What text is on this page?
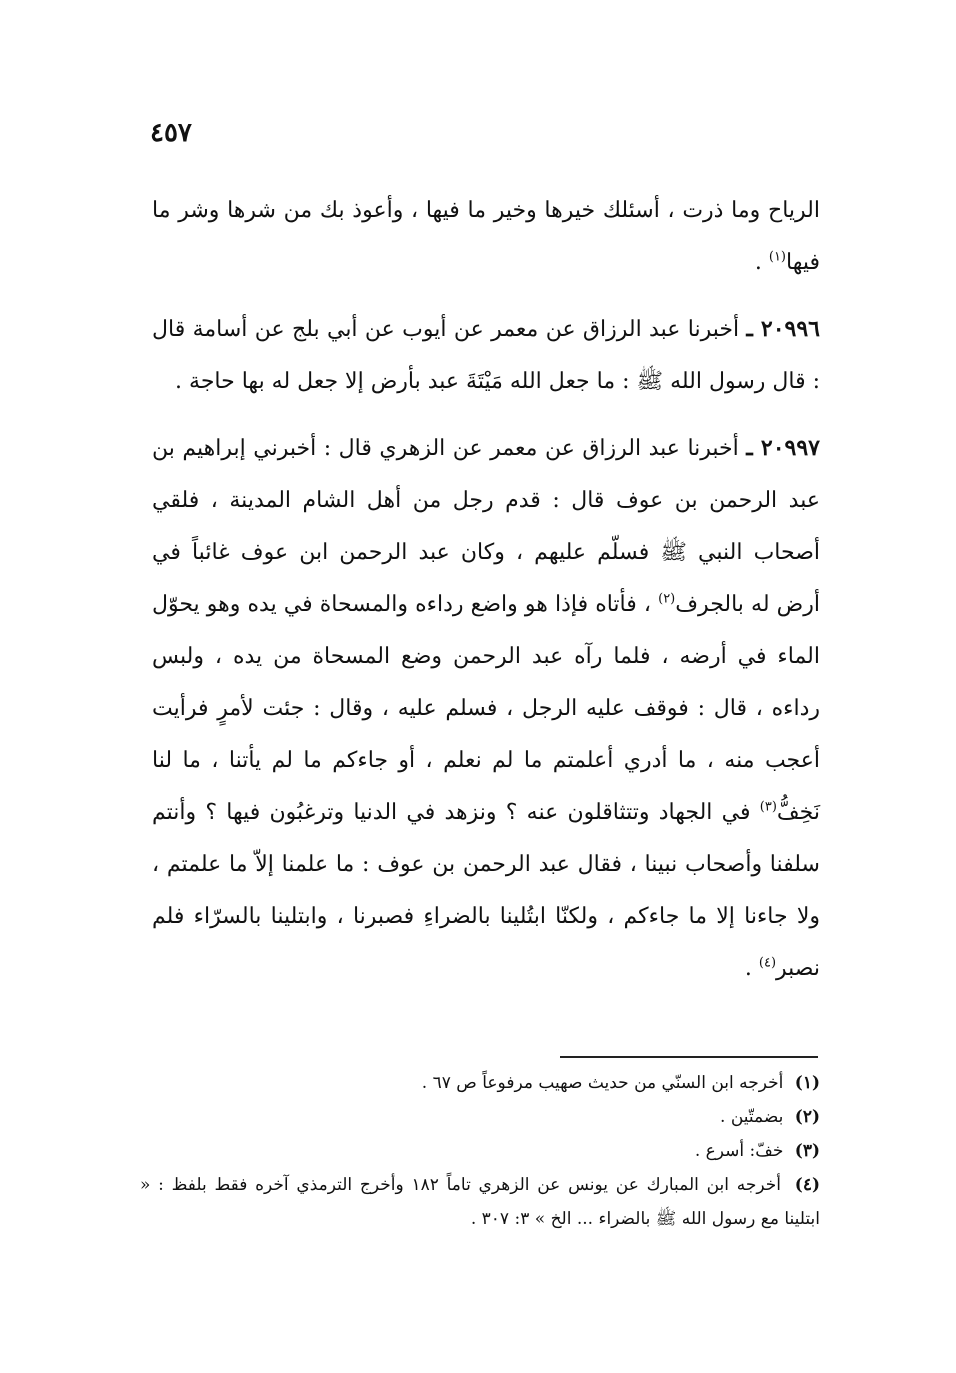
٤٥٧

الرياح وما ذرت ، أسئلك خيرها وخير ما فيها ، وأعوذ بك من شرها وشر ما فيها$^{(١)}$ .

٢٠٩٩٦ ـ أخبرنا عبد الرزاق عن معمر عن أيوب عن أبي بلج عن أسامة قال : قال رسول الله ﷺ : ما جعل الله مَيْتَةَ عبد بأرض إلا جعل له بها حاجة .

٢٠٩٩٧ ـ أخبرنا عبد الرزاق عن معمر عن الزهري قال : أخبرني إبراهيم بن عبد الرحمن بن عوف قال : قدم رجل من أهل الشام المدينة ، فلقي أصحاب النبي ﷺ فسلّم عليهم ، وكان عبد الرحمن ابن عوف غائباً في أرض له بالجرف$^{(٢)}$ ، فأتاه فإذا هو واضع رداءه والمسحاة في يده وهو يحوّل الماء في أرضه ، فلما رآه عبد الرحمن وضع المسحاة من يده ، ولبس رداءه ، قال : فوقف عليه الرجل ، فسلم عليه ، وقال : جئت لأمرٍ فرأيت أعجب منه ، ما أدري أعلمتم ما لم نعلم ، أو جاءكم ما لم يأتنا ، ما لنا نَخِفُّ$^{(٣)}$ في الجهاد وتتثاقلون عنه ؟ ونزهد في الدنيا وترغبُون فيها ؟ وأنتم سلفنا وأصحاب نبينا ، فقال عبد الرحمن بن عوف : ما علمنا إلاّ ما علمتم ، ولا جاءنا إلا ما جاءكم ، ولكنّا ابتُلينا بالضراءِ فصبرنا ، وابتلينا بالسرّاء فلم نصبر$^{(٤)}$ .

(١) أخرجه ابن السنّي من حديث صهيب مرفوعاً ص ٦٧ .

(٢) بضمتّين .

(٣) خفّ: أسرع .

(٤) أخرجه ابن المبارك عن يونس عن الزهري تاماً ١٨٢ وأخرج الترمذي آخره فقط بلفظ : « ابتلينا مع رسول الله ﷺ بالضراء ... الخ » ٣: ٣٠٧ .
